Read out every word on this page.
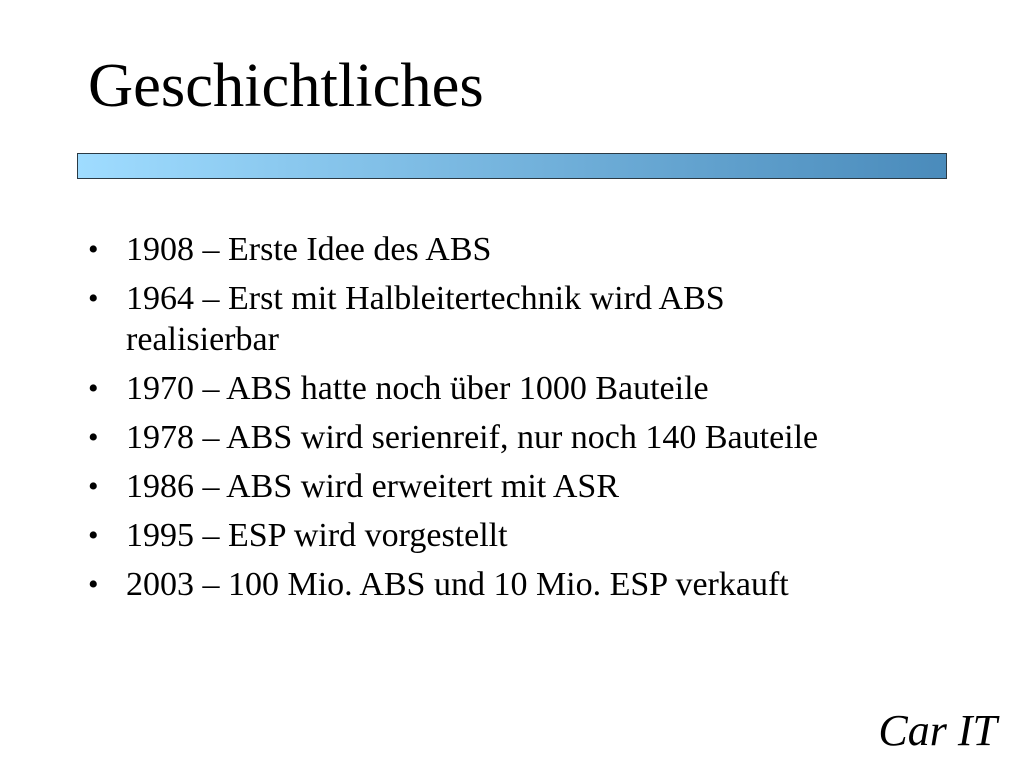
Geschichtliches
• 1908 – Erste Idee des ABS
• 1964 – Erst mit Halbleitertechnik wird ABS realisierbar
• 1970 – ABS hatte noch über 1000 Bauteile
• 1978 – ABS wird serienreif, nur noch 140 Bauteile
• 1986 – ABS wird erweitert mit ASR
• 1995 – ESP wird vorgestellt
• 2003 – 100 Mio. ABS und 10 Mio. ESP verkauft
Car IT
